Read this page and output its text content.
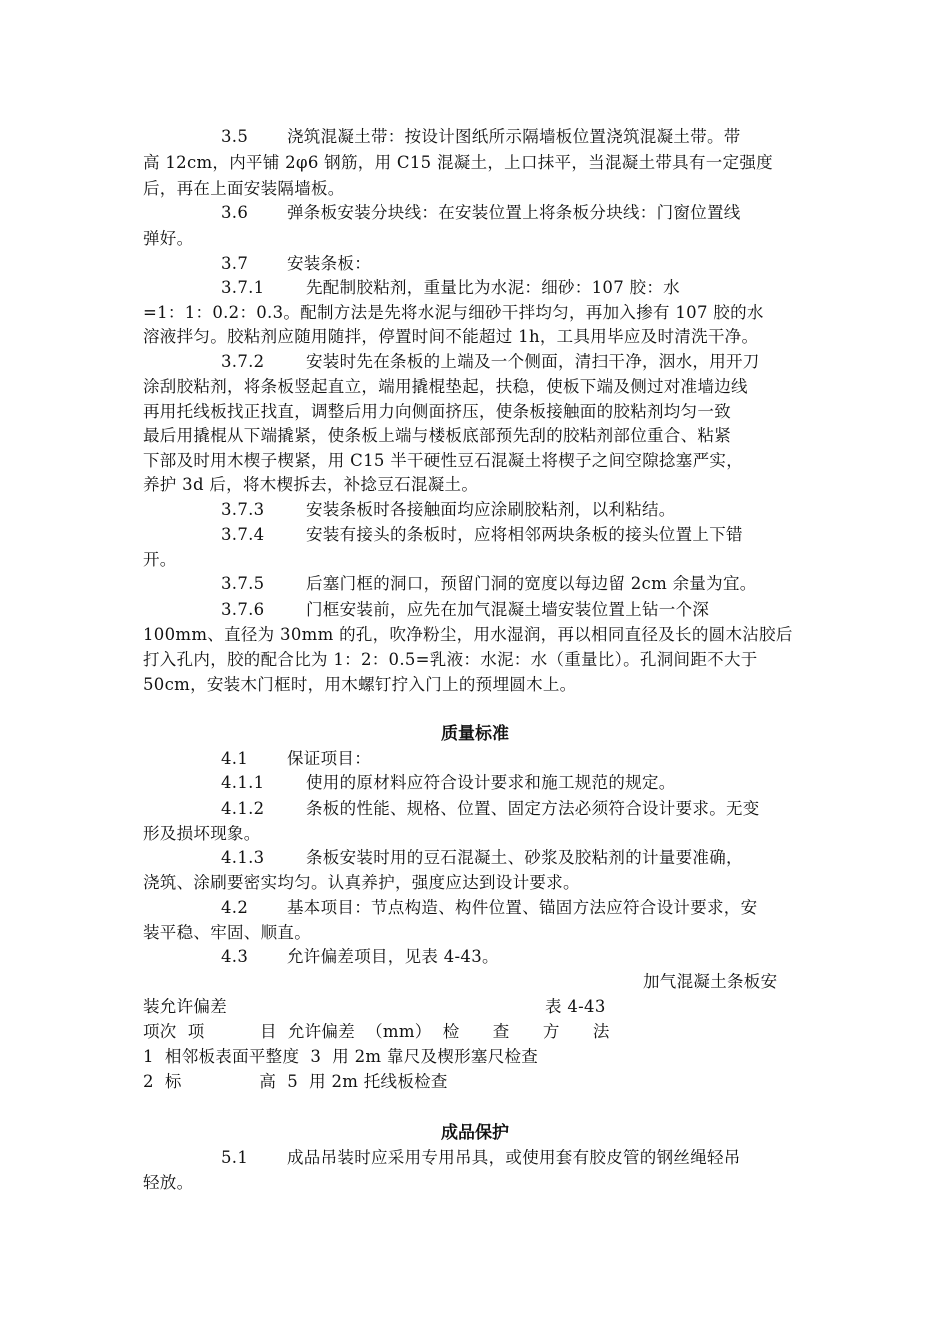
3.5 浇筑混凝土带：按设计图纸所示隔墙板位置浇筑混凝土带。带
高 12cm，内平铺 2φ6 钢筋，用 C15 混凝土，上口抹平，当混凝土带具有一定强度
后，再在上面安装隔墙板。
3.6 弹条板安装分块线：在安装位置上将条板分块线：门窗位置线
弹好。
3.7 安装条板：
3.7.1	先配制胶粘剂，重量比为水泥：细砂：107 胶：水
=1：1：0.2：0.3。配制方法是先将水泥与细砂干拌均匀，再加入掺有 107 胶的水
溶液拌匀。胶粘剂应随用随拌，停置时间不能超过 1h，工具用毕应及时清洗干净。
3.7.2	安装时先在条板的上端及一个侧面，清扫干净，洇水，用开刀
涂刮胶粘剂，将条板竖起直立，端用撬棍垫起，扶稳，使板下端及侧过对准墙边线
再用托线板找正找直，调整后用力向侧面挤压，使条板接触面的胶粘剂均匀一致
最后用撬棍从下端撬紧，使条板上端与楼板底部预先刮的胶粘剂部位重合、粘紧
下部及时用木楔子楔紧，用 C15 半干硬性豆石混凝土将楔子之间空隙捻塞严实，
养护 3d 后，将木楔拆去，补捻豆石混凝土。
3.7.3	安装条板时各接触面均应涂刷胶粘剂，以利粘结。
3.7.4	安装有接头的条板时，应将相邻两块条板的接头位置上下错
开。
3.7.5	后塞门框的洞口，预留门洞的宽度以每边留 2cm 余量为宜。
3.7.6	门框安装前，应先在加气混凝土墙安装位置上钻一个深
100mm、直径为 30mm 的孔，吹净粉尘，用水湿润，再以相同直径及长的圆木沾胶后
打入孔内，胶的配合比为 1：2：0.5=乳液：水泥：水（重量比）。孔洞间距不大于
50cm，安装木门框时，用木螺钉拧入门上的预埋圆木上。
质量标准
4.1 保证项目：
4.1.1	使用的原材料应符合设计要求和施工规范的规定。
4.1.2	条板的性能、规格、位置、固定方法必须符合设计要求。无变
形及损坏现象。
4.1.3	条板安装时用的豆石混凝土、砂浆及胶粘剂的计量要准确，
浇筑、涂刷要密实均匀。认真养护，强度应达到设计要求。
4.2 基本项目：节点构造、构件位置、锚固方法应符合设计要求，安
装平稳、牢固、顺直。
4.3 允许偏差项目，见表 4-43。
加气混凝土条板安
装允许偏差	表 4-43
项次  项          目  允许偏差  （mm）  检      查      方      法
1  相邻板表面平整度  3  用 2m 靠尺及楔形塞尺检查
2  标              高  5  用 2m 托线板检查
成品保护
5.1 成品吊装时应采用专用吊具，或使用套有胶皮管的钢丝绳轻吊
轻放。
